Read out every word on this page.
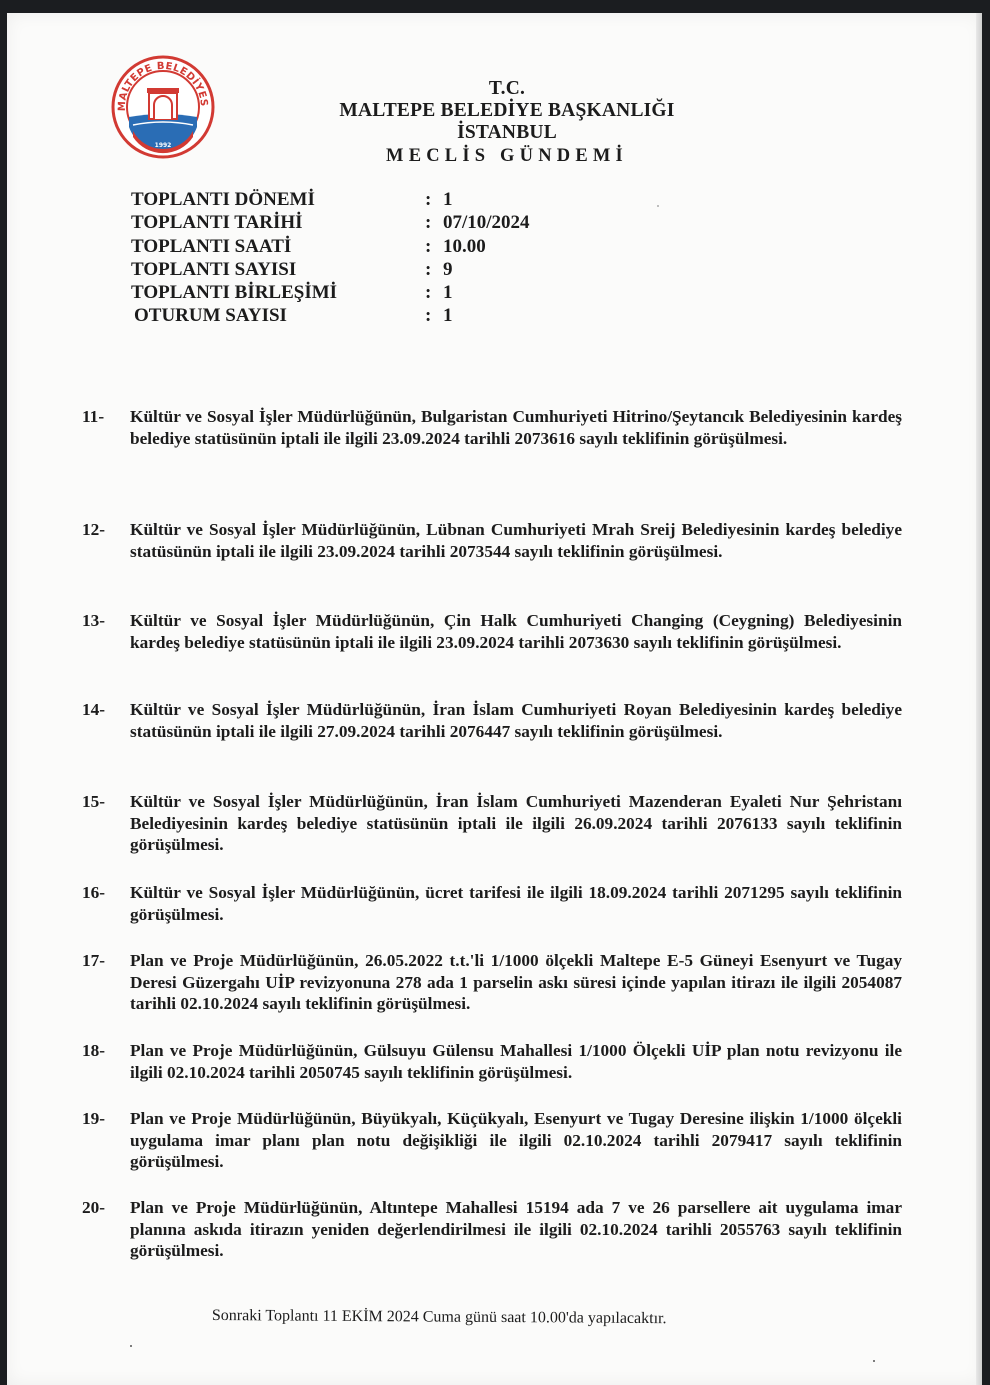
MALTEPE BELEDİYES
1992
T.C.
MALTEPE BELEDİYE BAŞKANLIĞI
İSTANBUL
MECLİS GÜNDEMİ
TOPLANTI DÖNEMİ	: 1
TOPLANTI TARİHİ	: 07/10/2024
TOPLANTI SAATİ	: 10.00
TOPLANTI SAYISI	: 9
TOPLANTI BİRLEŞİMİ	: 1
OTURUM SAYISI	: 1
11-	Kültür ve Sosyal İşler Müdürlüğünün, Bulgaristan Cumhuriyeti Hitrino/Şeytancık Belediyesinin kardeş belediye statüsünün iptali ile ilgili 23.09.2024 tarihli 2073616 sayılı teklifinin görüşülmesi.
12-	Kültür ve Sosyal İşler Müdürlüğünün, Lübnan Cumhuriyeti Mrah Sreij Belediyesinin kardeş belediye statüsünün iptali ile ilgili 23.09.2024 tarihli 2073544 sayılı teklifinin görüşülmesi.
13-	Kültür ve Sosyal İşler Müdürlüğünün, Çin Halk Cumhuriyeti Changing (Ceygning) Belediyesinin kardeş belediye statüsünün iptali ile ilgili 23.09.2024 tarihli 2073630 sayılı teklifinin görüşülmesi.
14-	Kültür ve Sosyal İşler Müdürlüğünün, İran İslam Cumhuriyeti Royan Belediyesinin kardeş belediye statüsünün iptali ile ilgili 27.09.2024 tarihli 2076447 sayılı teklifinin görüşülmesi.
15-	Kültür ve Sosyal İşler Müdürlüğünün, İran İslam Cumhuriyeti Mazenderan Eyaleti Nur Şehristanı Belediyesinin kardeş belediye statüsünün iptali ile ilgili 26.09.2024 tarihli 2076133 sayılı teklifinin görüşülmesi.
16-	Kültür ve Sosyal İşler Müdürlüğünün, ücret tarifesi ile ilgili 18.09.2024 tarihli 2071295 sayılı teklifinin görüşülmesi.
17-	Plan ve Proje Müdürlüğünün, 26.05.2022 t.t.'li 1/1000 ölçekli Maltepe E-5 Güneyi Esenyurt ve Tugay Deresi Güzergahı UİP revizyonuna 278 ada 1 parselin askı süresi içinde yapılan itirazı ile ilgili 2054087 tarihli 02.10.2024 sayılı teklifinin görüşülmesi.
18-	Plan ve Proje Müdürlüğünün, Gülsuyu Gülensu Mahallesi 1/1000 Ölçekli UİP plan notu revizyonu ile ilgili 02.10.2024 tarihli 2050745 sayılı teklifinin görüşülmesi.
19-	Plan ve Proje Müdürlüğünün, Büyükyalı, Küçükyalı, Esenyurt ve Tugay Deresine ilişkin 1/1000 ölçekli uygulama imar planı plan notu değişikliği ile ilgili 02.10.2024 tarihli 2079417 sayılı teklifinin görüşülmesi.
20-	Plan ve Proje Müdürlüğünün, Altıntepe Mahallesi 15194 ada 7 ve 26 parsellere ait uygulama imar planına askıda itirazın yeniden değerlendirilmesi ile ilgili 02.10.2024 tarihli 2055763 sayılı teklifinin görüşülmesi.
Sonraki Toplantı 11 EKİM 2024 Cuma günü saat 10.00'da yapılacaktır.
